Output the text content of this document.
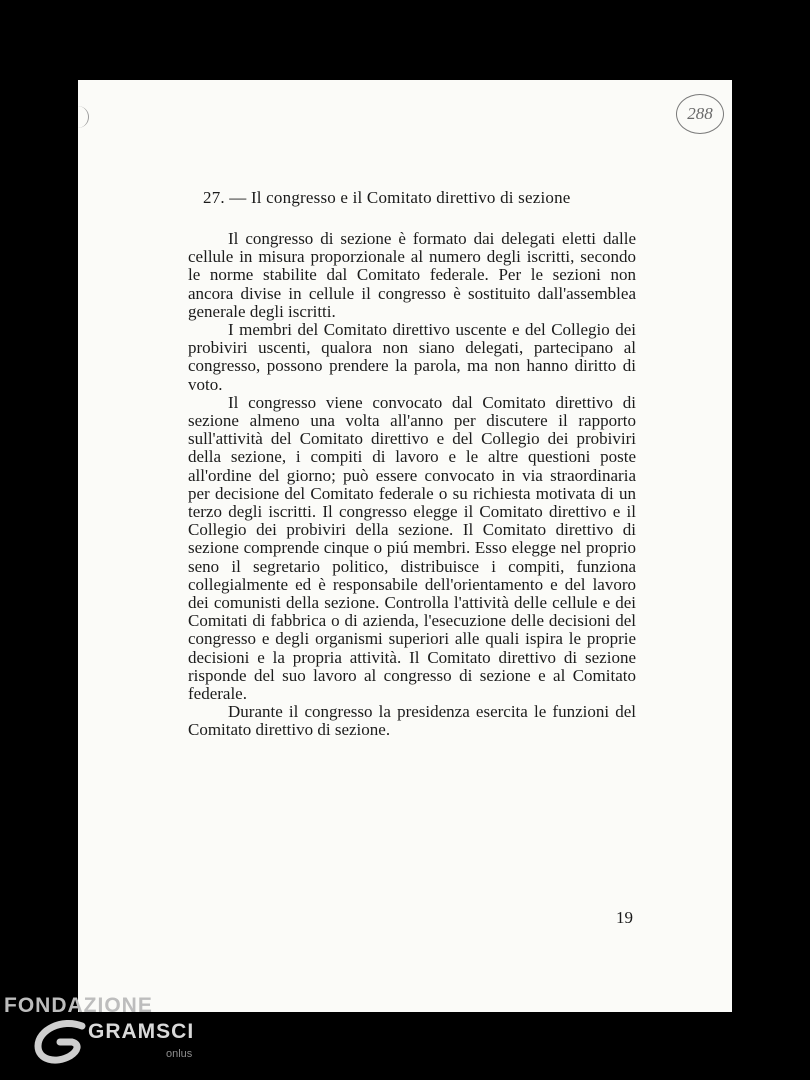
288
27. — Il congresso e il Comitato direttivo di sezione

Il congresso di sezione è formato dai delegati eletti dalle cellule in misura proporzionale al numero degli iscritti, secondo le norme stabilite dal Comitato federale. Per le sezioni non ancora divise in cellule il congresso è sostituito dall'assemblea generale degli iscritti.

I membri del Comitato direttivo uscente e del Collegio dei probiviri uscenti, qualora non siano delegati, partecipano al congresso, possono prendere la parola, ma non hanno diritto di voto.

Il congresso viene convocato dal Comitato direttivo di sezione almeno una volta all'anno per discutere il rapporto sull'attività del Comitato direttivo e del Collegio dei probiviri della sezione, i compiti di lavoro e le altre questioni poste all'ordine del giorno; può essere convocato in via straordinaria per decisione del Comitato federale o su richiesta motivata di un terzo degli iscritti. Il congresso elegge il Comitato direttivo e il Collegio dei probiviri della sezione. Il Comitato direttivo di sezione comprende cinque o piú membri. Esso elegge nel proprio seno il segretario politico, distribuisce i compiti, funziona collegialmente ed è responsabile dell'orientamento e del lavoro dei comunisti della sezione. Controlla l'attività delle cellule e dei Comitati di fabbrica o di azienda, l'esecuzione delle decisioni del congresso e degli organismi superiori alle quali ispira le proprie decisioni e la propria attività. Il Comitato direttivo di sezione risponde del suo lavoro al congresso di sezione e al Comitato federale.

Durante il congresso la presidenza esercita le funzioni del Comitato direttivo di sezione.

19
FONDAZIONE
GRAMSCI
onlus
